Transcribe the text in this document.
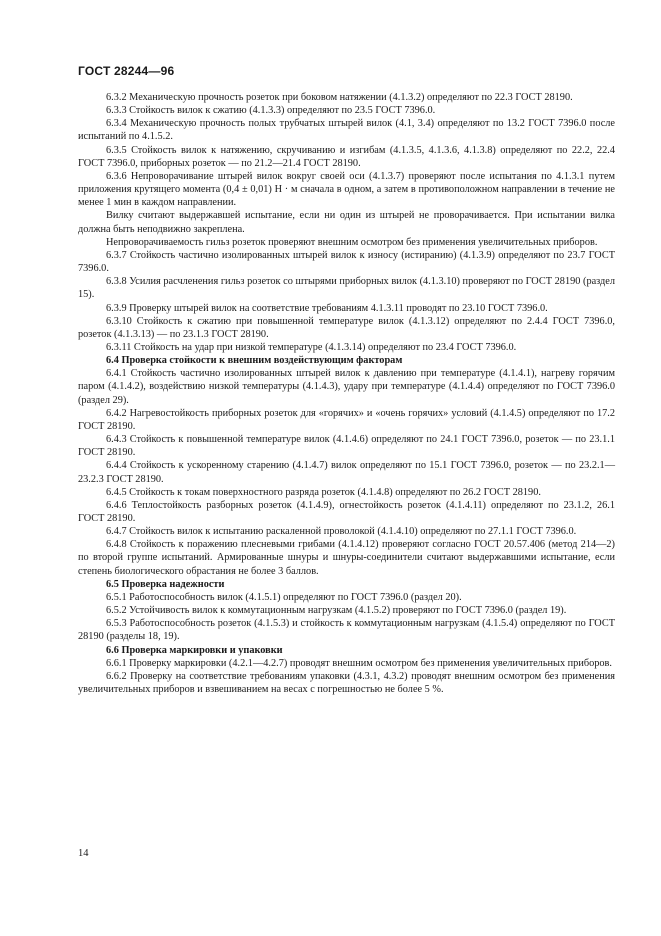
ГОСТ 28244—96

6.3.2 Механическую прочность розеток при боковом натяжении (4.1.3.2) определяют по 22.3 ГОСТ 28190.

6.3.3 Стойкость вилок к сжатию (4.1.3.3) определяют по 23.5 ГОСТ 7396.0.

6.3.4 Механическую прочность полых трубчатых штырей вилок (4.1, 3.4) определяют по 13.2 ГОСТ 7396.0 после испытаний по 4.1.5.2.

6.3.5 Стойкость вилок к натяжению, скручиванию и изгибам (4.1.3.5, 4.1.3.6, 4.1.3.8) определяют по 22.2, 22.4 ГОСТ 7396.0, приборных розеток — по 21.2—21.4 ГОСТ 28190.

6.3.6 Непроворачивание штырей вилок вокруг своей оси (4.1.3.7) проверяют после испытания по 4.1.3.1 путем приложения крутящего момента (0,4 ± 0,01) Н · м сначала в одном, а затем в противоположном направлении в течение не менее 1 мин в каждом направлении.

Вилку считают выдержавшей испытание, если ни один из штырей не проворачивается. При испытании вилка должна быть неподвижно закреплена.

Непроворачиваемость гильз розеток проверяют внешним осмотром без применения увеличительных приборов.

6.3.7 Стойкость частично изолированных штырей вилок к износу (истиранию) (4.1.3.9) определяют по 23.7 ГОСТ 7396.0.

6.3.8 Усилия расчленения гильз розеток со штырями приборных вилок (4.1.3.10) проверяют по ГОСТ 28190 (раздел 15).

6.3.9 Проверку штырей вилок на соответствие требованиям 4.1.3.11 проводят по 23.10 ГОСТ 7396.0.

6.3.10 Стойкость к сжатию при повышенной температуре вилок (4.1.3.12) определяют по 2.4.4 ГОСТ 7396.0, розеток (4.1.3.13) — по 23.1.3 ГОСТ 28190.

6.3.11 Стойкость на удар при низкой температуре (4.1.3.14) определяют по 23.4 ГОСТ 7396.0.

6.4 Проверка стойкости к внешним воздействующим факторам

6.4.1 Стойкость частично изолированных штырей вилок к давлению при температуре (4.1.4.1), нагреву горячим паром (4.1.4.2), воздействию низкой температуры (4.1.4.3), удару при температуре (4.1.4.4) определяют по ГОСТ 7396.0 (раздел 29).

6.4.2 Нагревостойкость приборных розеток для «горячих» и «очень горячих» условий (4.1.4.5) определяют по 17.2 ГОСТ 28190.

6.4.3 Стойкость к повышенной температуре вилок (4.1.4.6) определяют по 24.1 ГОСТ 7396.0, розеток — по 23.1.1 ГОСТ 28190.

6.4.4 Стойкость к ускоренному старению (4.1.4.7) вилок определяют по 15.1 ГОСТ 7396.0, розеток — по 23.2.1—23.2.3 ГОСТ 28190.

6.4.5 Стойкость к токам поверхностного разряда розеток (4.1.4.8) определяют по 26.2 ГОСТ 28190.

6.4.6 Теплостойкость разборных розеток (4.1.4.9), огнестойкость розеток (4.1.4.11) определяют по 23.1.2, 26.1 ГОСТ 28190.

6.4.7 Стойкость вилок к испытанию раскаленной проволокой (4.1.4.10) определяют по 27.1.1 ГОСТ 7396.0.

6.4.8 Стойкость к поражению плесневыми грибами (4.1.4.12) проверяют согласно ГОСТ 20.57.406 (метод 214—2) по второй группе испытаний. Армированные шнуры и шнуры-соединители считают выдержавшими испытание, если степень биологического обрастания не более 3 баллов.

6.5 Проверка надежности

6.5.1 Работоспособность вилок (4.1.5.1) определяют по ГОСТ 7396.0 (раздел 20).

6.5.2 Устойчивость вилок к коммутационным нагрузкам (4.1.5.2) проверяют по ГОСТ 7396.0 (раздел 19).

6.5.3 Работоспособность розеток (4.1.5.3) и стойкость к коммутационным нагрузкам (4.1.5.4) определяют по ГОСТ 28190 (разделы 18, 19).

6.6 Проверка маркировки и упаковки

6.6.1 Проверку маркировки (4.2.1—4.2.7) проводят внешним осмотром без применения увеличительных приборов.

6.6.2 Проверку на соответствие требованиям упаковки (4.3.1, 4.3.2) проводят внешним осмотром без применения увеличительных приборов и взвешиванием на весах с погрешностью не более 5 %.

14
